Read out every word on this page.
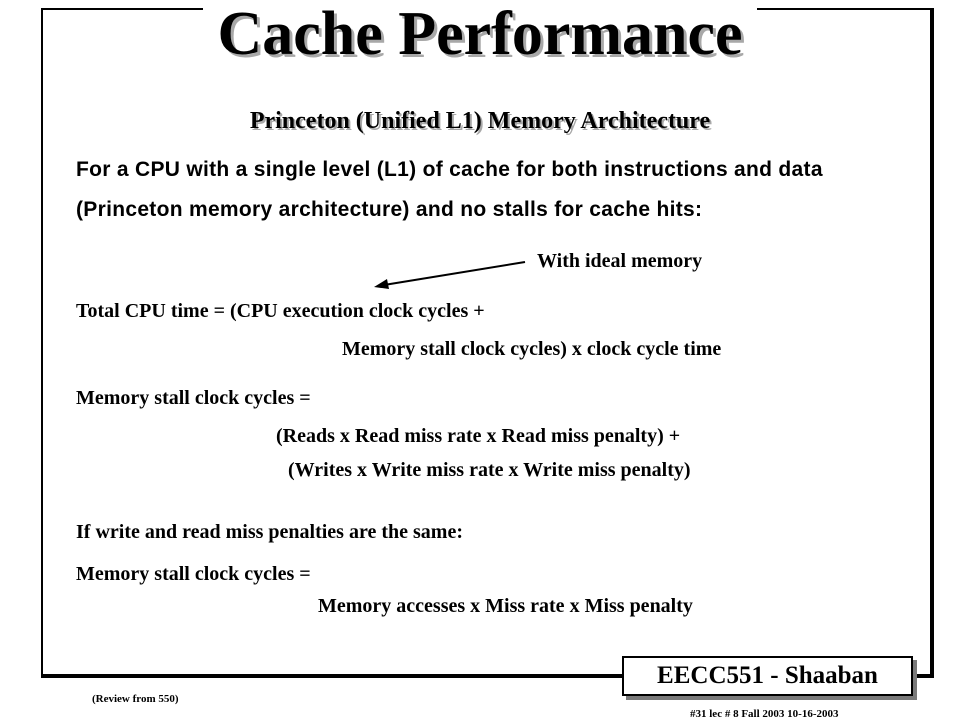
Cache Performance
Princeton (Unified L1) Memory Architecture
For a CPU with a single level (L1) of cache for both instructions and data (Princeton memory architecture) and no stalls for cache hits:
With ideal memory
Total CPU time = (CPU execution clock cycles +
Memory stall clock cycles) x clock cycle time
Memory stall clock cycles =
(Reads x Read miss rate x Read miss penalty) +
(Writes x Write miss rate x Write miss penalty)
If write and read miss penalties are the same:
Memory stall clock cycles =
Memory accesses x Miss rate x Miss penalty
EECC551 - Shaaban
(Review from 550)
#31 lec # 8 Fall 2003 10-16-2003
